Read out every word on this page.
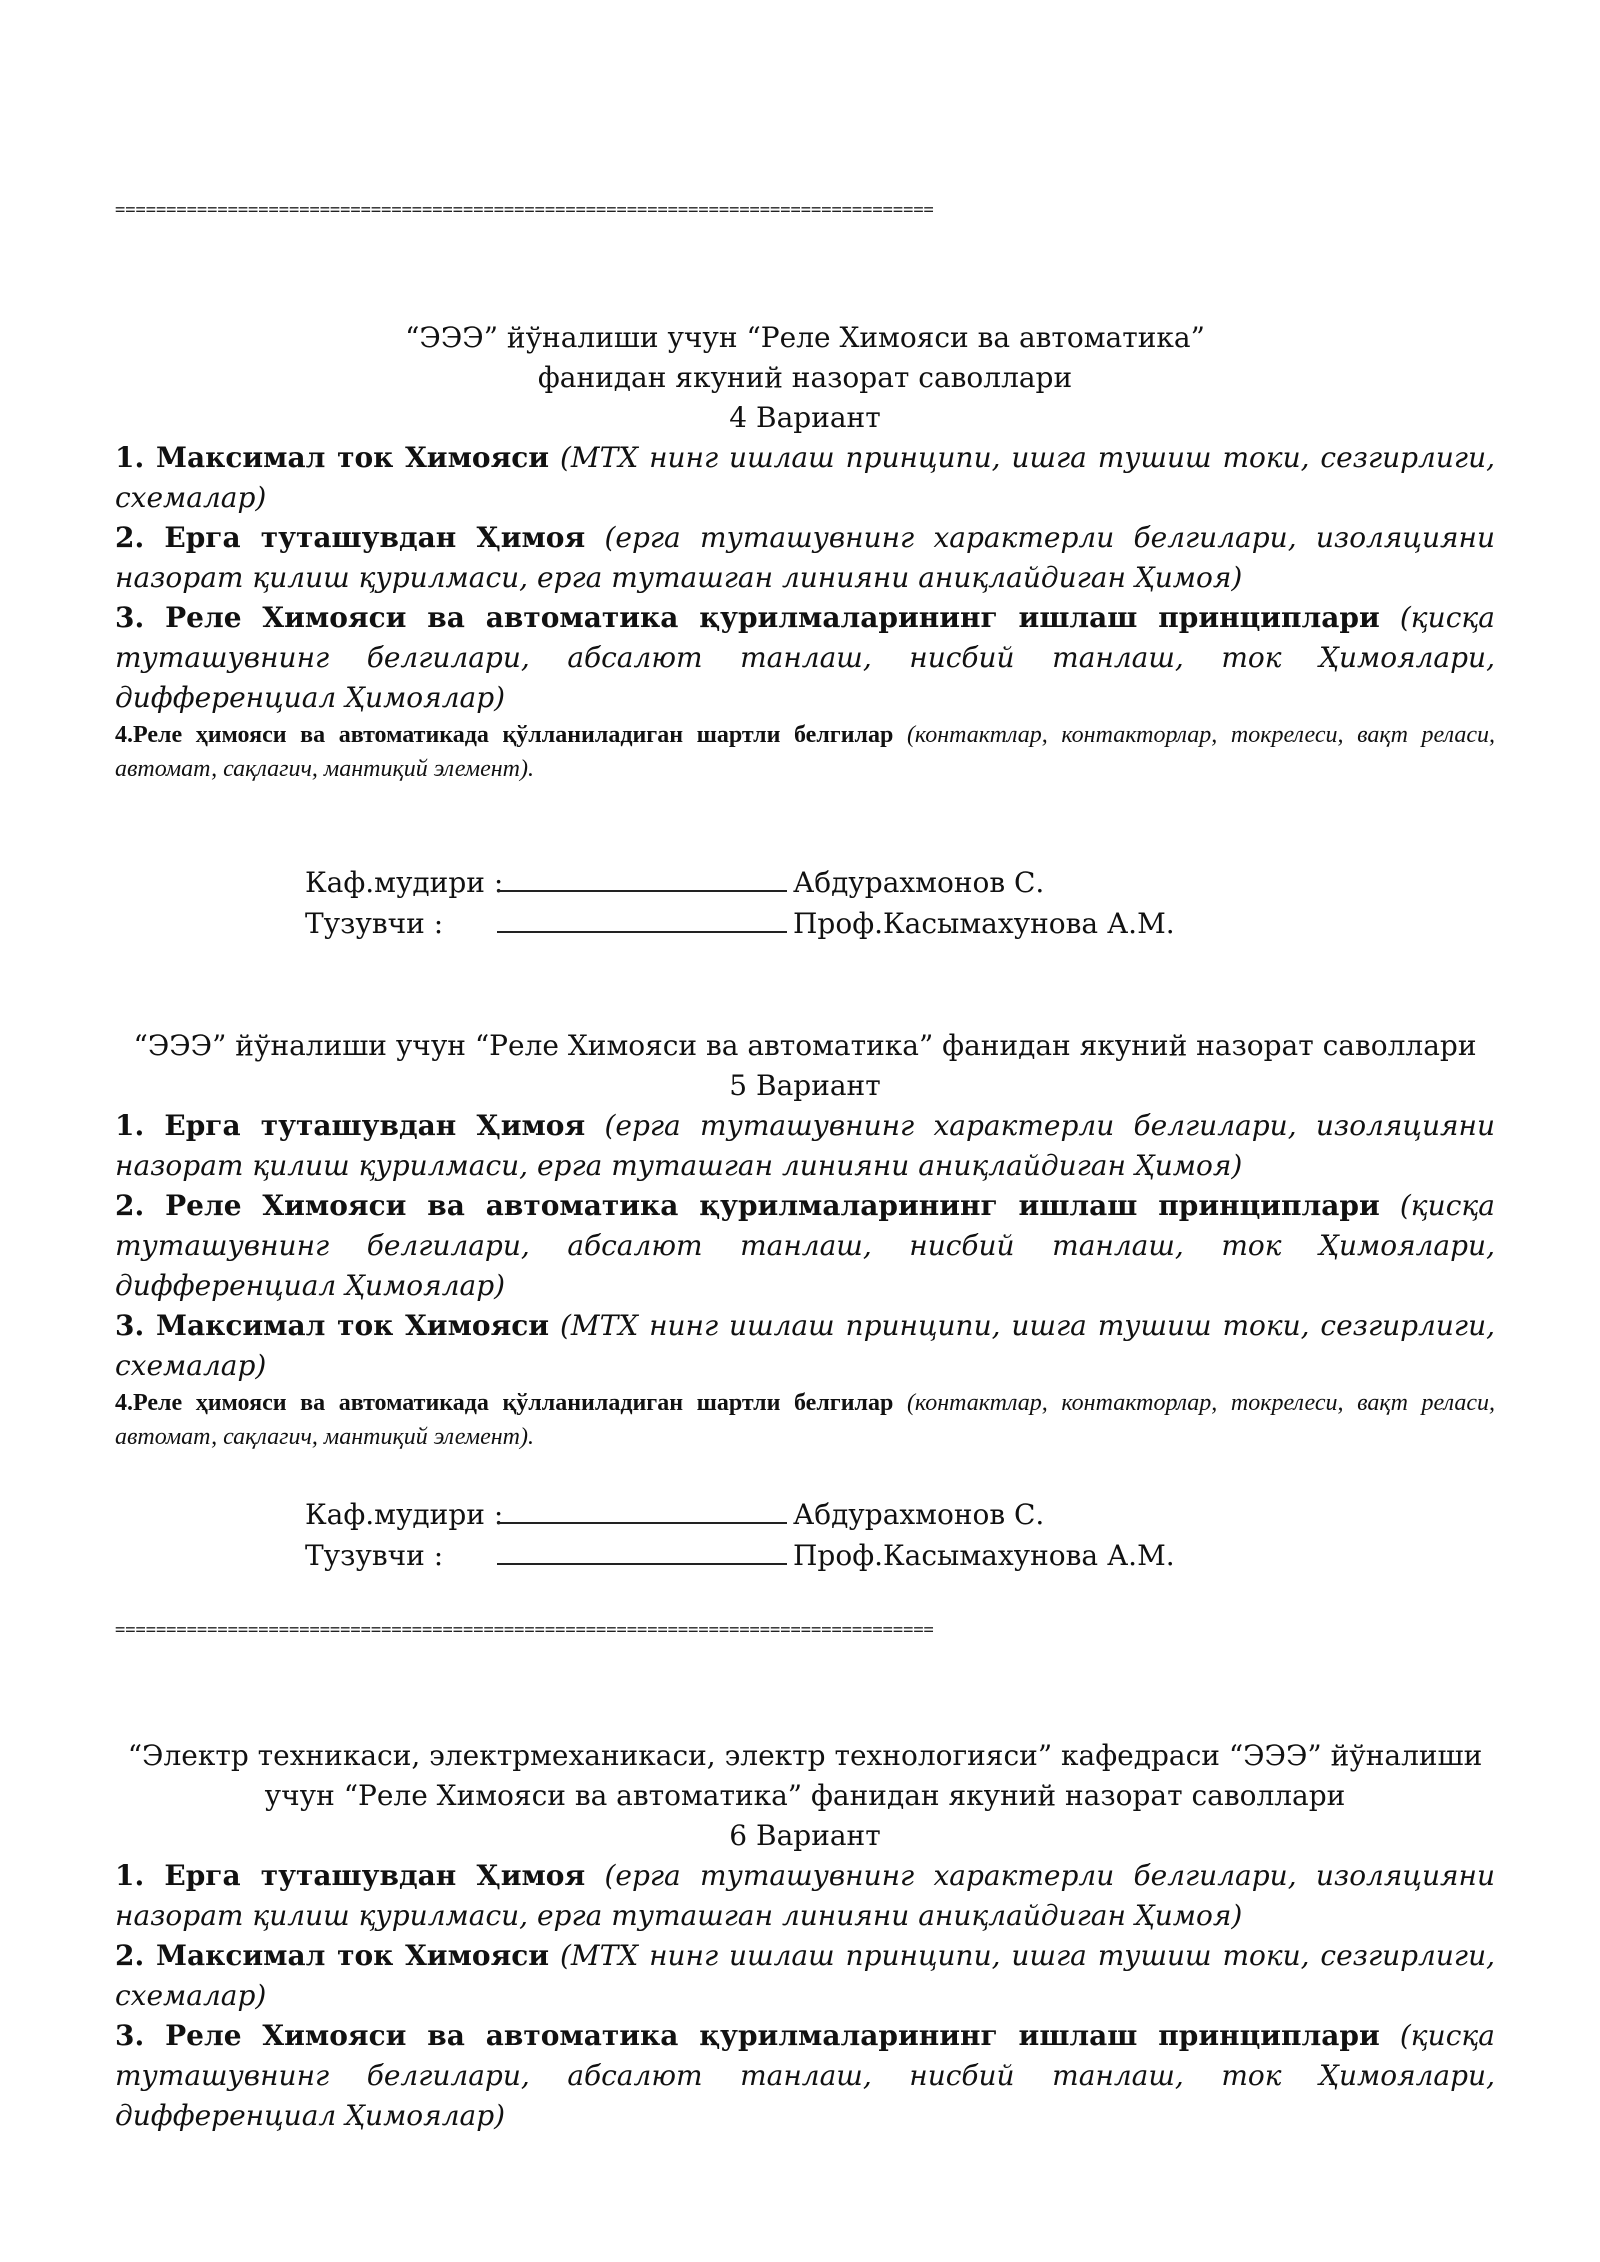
================================================================================
“ЭЭЭ” йўналиши учун “Реле Химояси ва автоматика”
фанидан якуний назорат саволлари
4 Вариант
1. Максимал ток Химояси (МТХ нинг ишлаш принципи, ишга тушиш токи, сезгирлиги, схемалар)
2. Ерга туташувдан Ҳимоя (ерга туташувнинг характерли белгилари, изоляцияни назорат қилиш қурилмаси, ерга туташган линияни аниқлайдиган Ҳимоя)
3. Реле Химояси ва автоматика қурилмаларининг ишлаш принциплари (қисқа туташувнинг белгилари, абсалют танлаш, нисбий танлаш, ток Ҳимоялари, дифференциал Ҳимоялар)
4.Реле ҳимояси ва автоматикада қўлланиладиган шартли белгилар (контактлар, контакторлар, токрелеси, вақт реласи, автомат, сақлагич, мантиқий элемент).
Каф.мудири :	Абдурахмонов С.
Тузувчи :	Проф.Касымахунова А.М.
“ЭЭЭ” йўналиши учун “Реле Химояси ва автоматика” фанидан якуний назорат саволлари
5 Вариант
1. Ерга туташувдан Ҳимоя (ерга туташувнинг характерли белгилари, изоляцияни назорат қилиш қурилмаси, ерга туташган линияни аниқлайдиган Ҳимоя)
2. Реле Химояси ва автоматика қурилмаларининг ишлаш принциплари (қисқа туташувнинг белгилари, абсалют танлаш, нисбий танлаш, ток Ҳимоялари, дифференциал Ҳимоялар)
3. Максимал ток Химояси (МТХ нинг ишлаш принципи, ишга тушиш токи, сезгирлиги, схемалар)
4.Реле ҳимояси ва автоматикада қўлланиладиган шартли белгилар (контактлар, контакторлар, токрелеси, вақт реласи, автомат, сақлагич, мантиқий элемент).
Каф.мудири :	Абдурахмонов С.
Тузувчи :	Проф.Касымахунова А.М.
================================================================================
“Электр техникаси, электрмеханикаси, электр технологияси” кафедраси “ЭЭЭ” йўналиши
учун “Реле Химояси ва автоматика” фанидан якуний назорат саволлари
6 Вариант
1. Ерга туташувдан Ҳимоя (ерга туташувнинг характерли белгилари, изоляцияни назорат қилиш қурилмаси, ерга туташган линияни аниқлайдиган Ҳимоя)
2. Максимал ток Химояси (МТХ нинг ишлаш принципи, ишга тушиш токи, сезгирлиги, схемалар)
3. Реле Химояси ва автоматика қурилмаларининг ишлаш принциплари (қисқа туташувнинг белгилари, абсалют танлаш, нисбий танлаш, ток Ҳимоялари, дифференциал Ҳимоялар)
